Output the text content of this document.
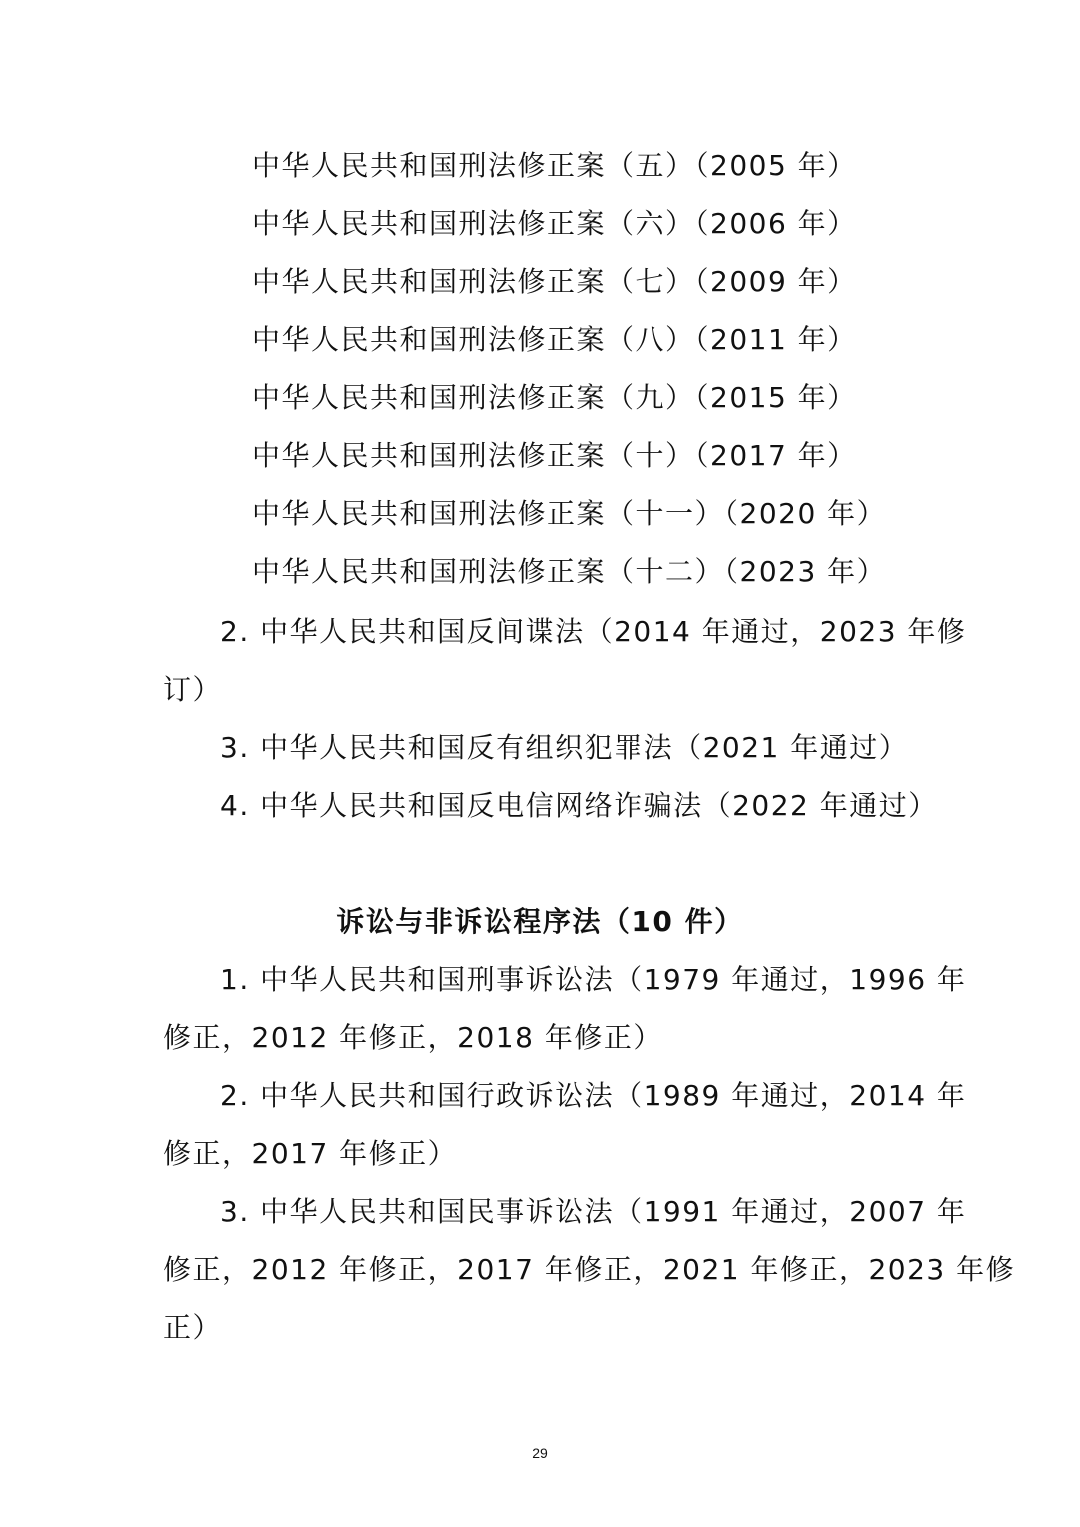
中华人民共和国刑法修正案（五）（2005 年）
中华人民共和国刑法修正案（六）（2006 年）
中华人民共和国刑法修正案（七）（2009 年）
中华人民共和国刑法修正案（八）（2011 年）
中华人民共和国刑法修正案（九）（2015 年）
中华人民共和国刑法修正案（十）（2017 年）
中华人民共和国刑法修正案（十一）（2020 年）
中华人民共和国刑法修正案（十二）（2023 年）
2. 中华人民共和国反间谍法（2014 年通过，2023 年修
订）
3. 中华人民共和国反有组织犯罪法（2021 年通过）
4. 中华人民共和国反电信网络诈骗法（2022 年通过）
诉讼与非诉讼程序法（10 件）
1. 中华人民共和国刑事诉讼法（1979 年通过，1996 年
修正，2012 年修正，2018 年修正）
2. 中华人民共和国行政诉讼法（1989 年通过，2014 年
修正，2017 年修正）
3. 中华人民共和国民事诉讼法（1991 年通过，2007 年
修正，2012 年修正，2017 年修正，2021 年修正，2023 年修
正）
29
